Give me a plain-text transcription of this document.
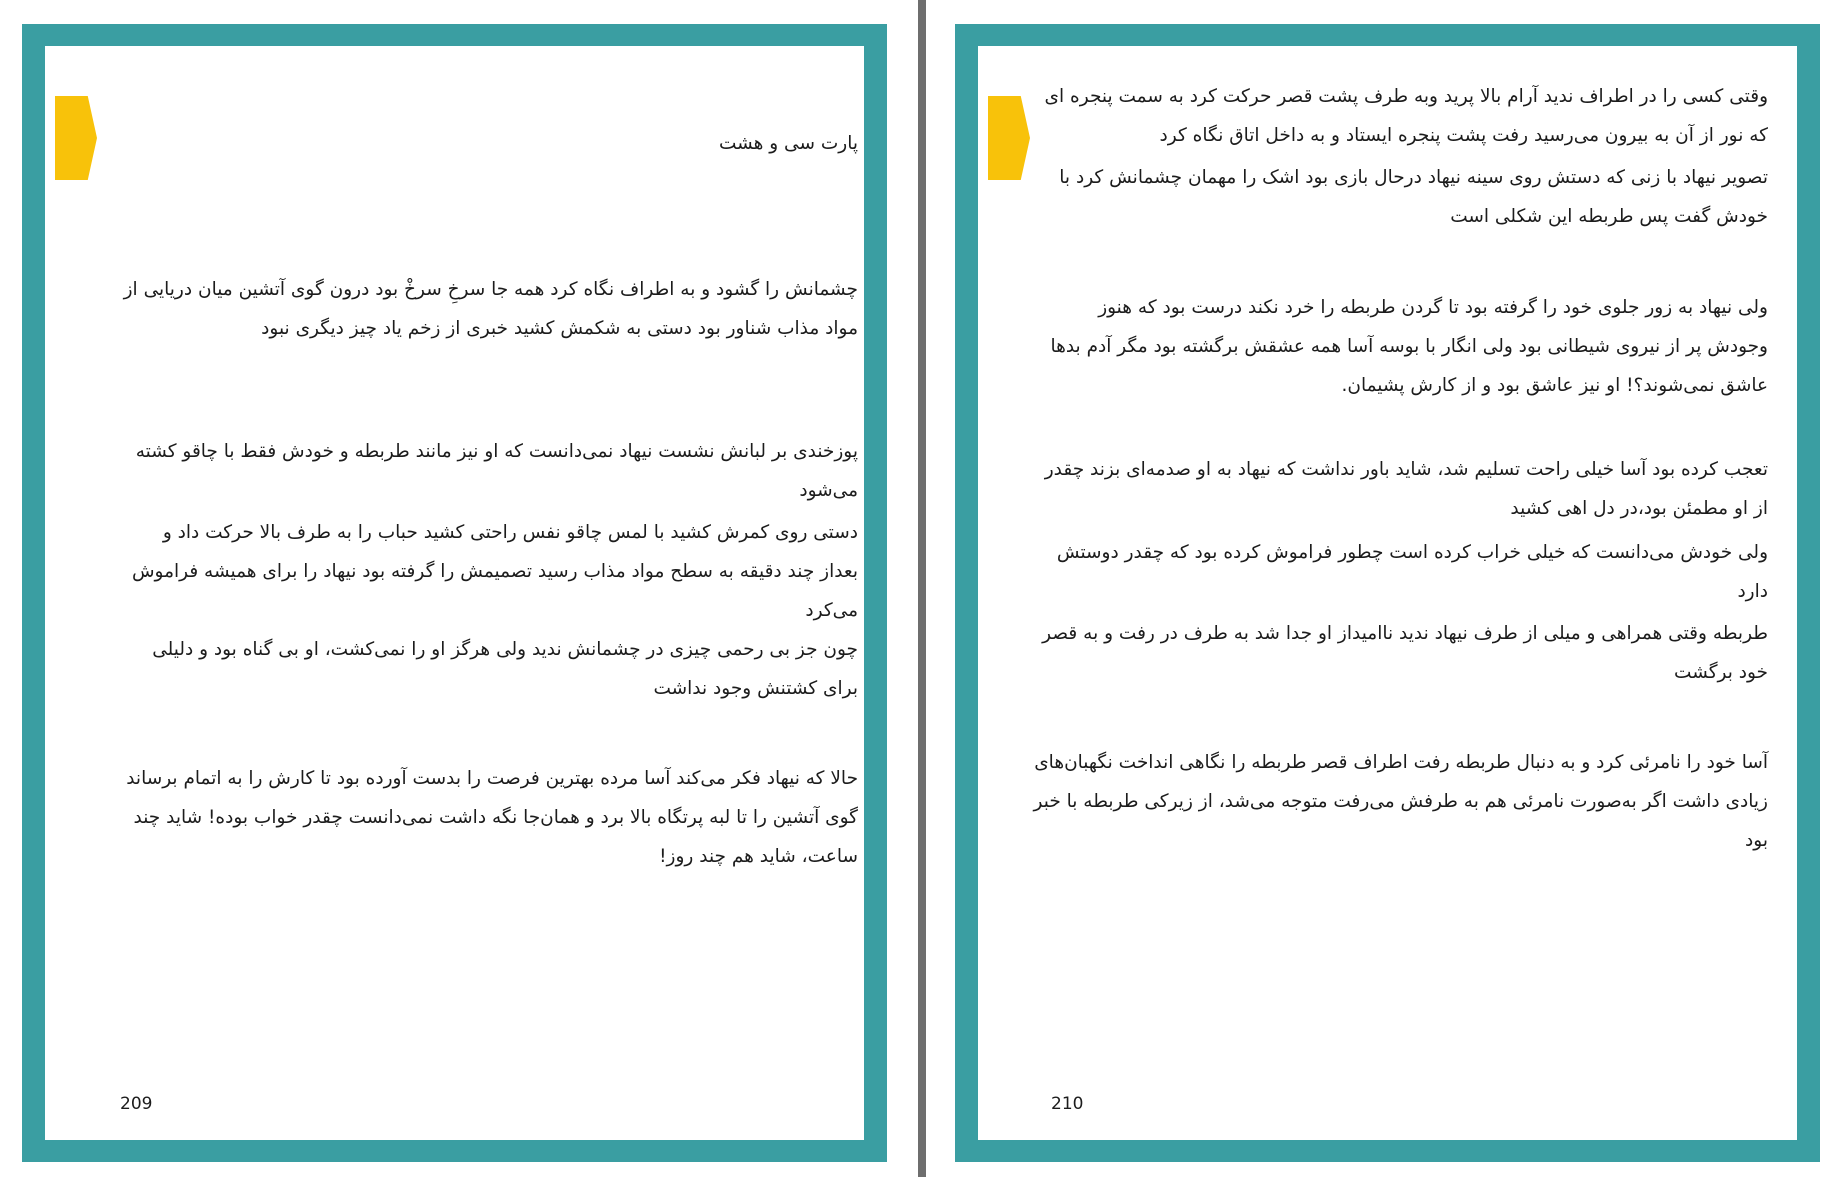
پارت سی و هشت

چشمانش را گشود و به اطراف نگاه کرد همه جا سرخِ سرخْ بود درون گوی آتشین میان دریایی از مواد مذاب شناور بود دستی به شکمش کشید خبری از زخم یاد چیز دیگری نبود

پوزخندی بر لبانش نشست نیهاد نمی‌دانست که او نیز مانند طربطه و خودش فقط با چاقو کشته می‌شود

دستی روی کمرش کشید با لمس چاقو نفس راحتی کشید حباب را به طرف بالا حرکت داد و بعداز چند دقیقه به سطح مواد مذاب رسید تصمیمش را گرفته بود نیهاد را برای همیشه فراموش می‌کرد

چون جز بی رحمی چیزی در چشمانش ندید ولی هرگز او را نمی‌کشت، او بی گناه بود و دلیلی برای کشتنش وجود نداشت

حالا که نیهاد فکر می‌کند آسا مرده بهترین فرصت را بدست آورده بود تا کارش را به اتمام برساند گوی آتشین را تا لبه پرتگاه بالا برد و همان‌جا نگه داشت نمی‌دانست چقدر خواب بوده! شاید چند ساعت، شاید هم چند روز!

209

وقتی کسی را در اطراف ندید آرام بالا پرید وبه طرف پشت قصر حرکت کرد به سمت پنجره ای که نور از آن به بیرون می‌رسید رفت پشت پنجره ایستاد و به داخل اتاق نگاه کرد

تصویر نیهاد با زنی که دستش روی سینه نیهاد درحال بازی بود اشک را مهمان چشمانش کرد با خودش گفت پس طربطه این شکلی است

ولی نیهاد به زور جلوی خود را گرفته بود تا گردن طربطه را خرد نکند درست بود که هنوز وجودش پر از نیروی شیطانی بود ولی انگار با بوسه آسا همه عشقش برگشته بود مگر آدم بدها عاشق نمی‌شوند؟! او نیز عاشق بود و از کارش پشیمان.

تعجب کرده بود آسا خیلی راحت تسلیم شد، شاید باور نداشت که نیهاد به او صدمه‌ای بزند چقدر از او مطمئن بود،در دل اهی کشید

ولی خودش می‌دانست که خیلی خراب کرده است چطور فراموش کرده بود که چقدر دوستش دارد

طربطه وقتی همراهی و میلی از طرف نیهاد ندید ناامیداز او جدا شد به طرف در رفت و به قصر خود برگشت

آسا خود را نامرئی کرد و به دنبال طربطه رفت اطراف قصر طربطه را نگاهی انداخت نگهبان‌های زیادی داشت اگر به‌صورت نامرئی هم به طرفش می‌رفت متوجه می‌شد، از زیرکی طربطه با خبر بود

210
